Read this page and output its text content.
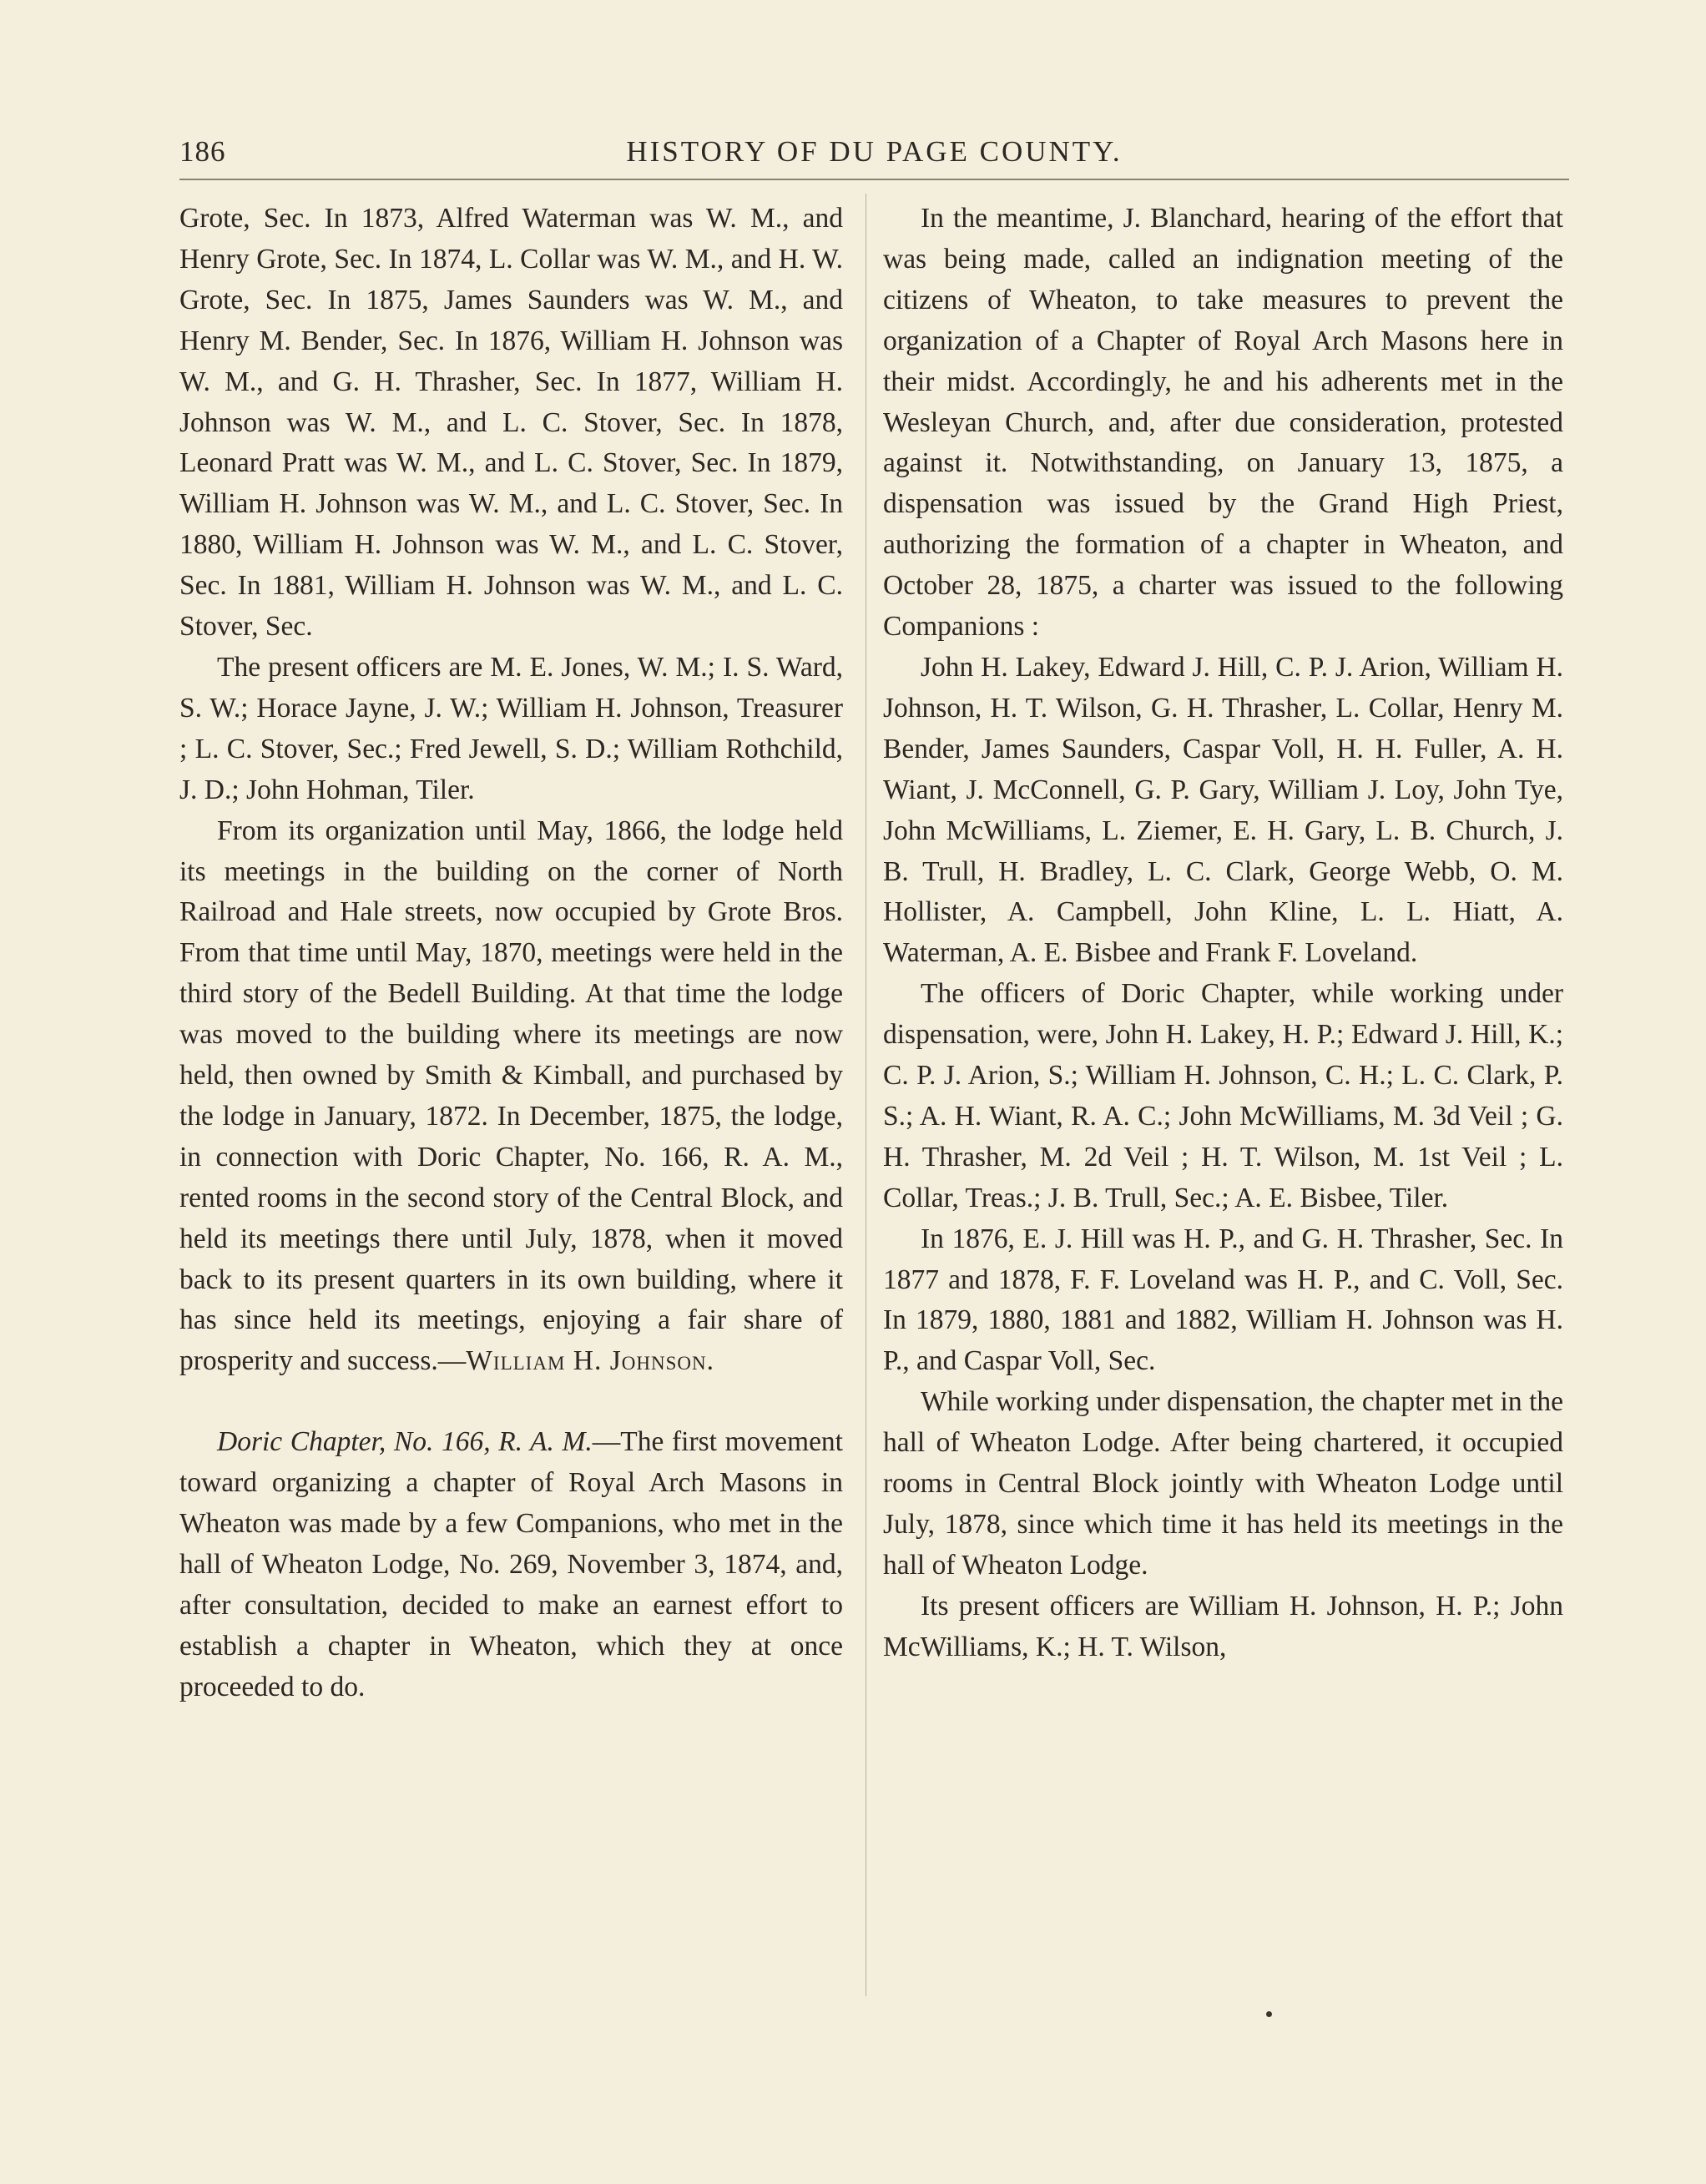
186	HISTORY OF DU PAGE COUNTY.

Grote, Sec. In 1873, Alfred Waterman was W. M., and Henry Grote, Sec. In 1874, L. Collar was W. M., and H. W. Grote, Sec. In 1875, James Saunders was W. M., and Henry M. Bender, Sec. In 1876, William H. Johnson was W. M., and G. H. Thrasher, Sec. In 1877, William H. Johnson was W. M., and L. C. Stover, Sec. In 1878, Leonard Pratt was W. M., and L. C. Stover, Sec. In 1879, William H. Johnson was W. M., and L. C. Stover, Sec. In 1880, William H. Johnson was W. M., and L. C. Stover, Sec. In 1881, William H. Johnson was W. M., and L. C. Stover, Sec.

The present officers are M. E. Jones, W. M.; I. S. Ward, S. W.; Horace Jayne, J. W.; William H. Johnson, Treasurer ; L. C. Stover, Sec.; Fred Jewell, S. D.; William Rothchild, J. D.; John Hohman, Tiler.

From its organization until May, 1866, the lodge held its meetings in the building on the corner of North Railroad and Hale streets, now occupied by Grote Bros. From that time until May, 1870, meetings were held in the third story of the Bedell Building. At that time the lodge was moved to the building where its meetings are now held, then owned by Smith & Kimball, and purchased by the lodge in January, 1872. In December, 1875, the lodge, in connection with Doric Chapter, No. 166, R. A. M., rented rooms in the second story of the Central Block, and held its meetings there until July, 1878, when it moved back to its present quarters in its own building, where it has since held its meetings, enjoying a fair share of prosperity and success.—William H. Johnson.

Doric Chapter, No. 166, R. A. M.—The first movement toward organizing a chapter of Royal Arch Masons in Wheaton was made by a few Companions, who met in the hall of Wheaton Lodge, No. 269, November 3, 1874, and, after consultation, decided to make an earnest effort to establish a chapter in Wheaton, which they at once proceeded to do.

In the meantime, J. Blanchard, hearing of the effort that was being made, called an indignation meeting of the citizens of Wheaton, to take measures to prevent the organization of a Chapter of Royal Arch Masons here in their midst. Accordingly, he and his adherents met in the Wesleyan Church, and, after due consideration, protested against it. Notwithstanding, on January 13, 1875, a dispensation was issued by the Grand High Priest, authorizing the formation of a chapter in Wheaton, and October 28, 1875, a charter was issued to the following Companions :

John H. Lakey, Edward J. Hill, C. P. J. Arion, William H. Johnson, H. T. Wilson, G. H. Thrasher, L. Collar, Henry M. Bender, James Saunders, Caspar Voll, H. H. Fuller, A. H. Wiant, J. McConnell, G. P. Gary, William J. Loy, John Tye, John McWilliams, L. Ziemer, E. H. Gary, L. B. Church, J. B. Trull, H. Bradley, L. C. Clark, George Webb, O. M. Hollister, A. Campbell, John Kline, L. L. Hiatt, A. Waterman, A. E. Bisbee and Frank F. Loveland.

The officers of Doric Chapter, while working under dispensation, were, John H. Lakey, H. P.; Edward J. Hill, K.; C. P. J. Arion, S.; William H. Johnson, C. H.; L. C. Clark, P. S.; A. H. Wiant, R. A. C.; John McWilliams, M. 3d Veil ; G. H. Thrasher, M. 2d Veil ; H. T. Wilson, M. 1st Veil ; L. Collar, Treas.; J. B. Trull, Sec.; A. E. Bisbee, Tiler.

In 1876, E. J. Hill was H. P., and G. H. Thrasher, Sec. In 1877 and 1878, F. F. Loveland was H. P., and C. Voll, Sec. In 1879, 1880, 1881 and 1882, William H. Johnson was H. P., and Caspar Voll, Sec.

While working under dispensation, the chapter met in the hall of Wheaton Lodge. After being chartered, it occupied rooms in Central Block jointly with Wheaton Lodge until July, 1878, since which time it has held its meetings in the hall of Wheaton Lodge.

Its present officers are William H. Johnson, H. P.; John McWilliams, K.; H. T. Wilson,
